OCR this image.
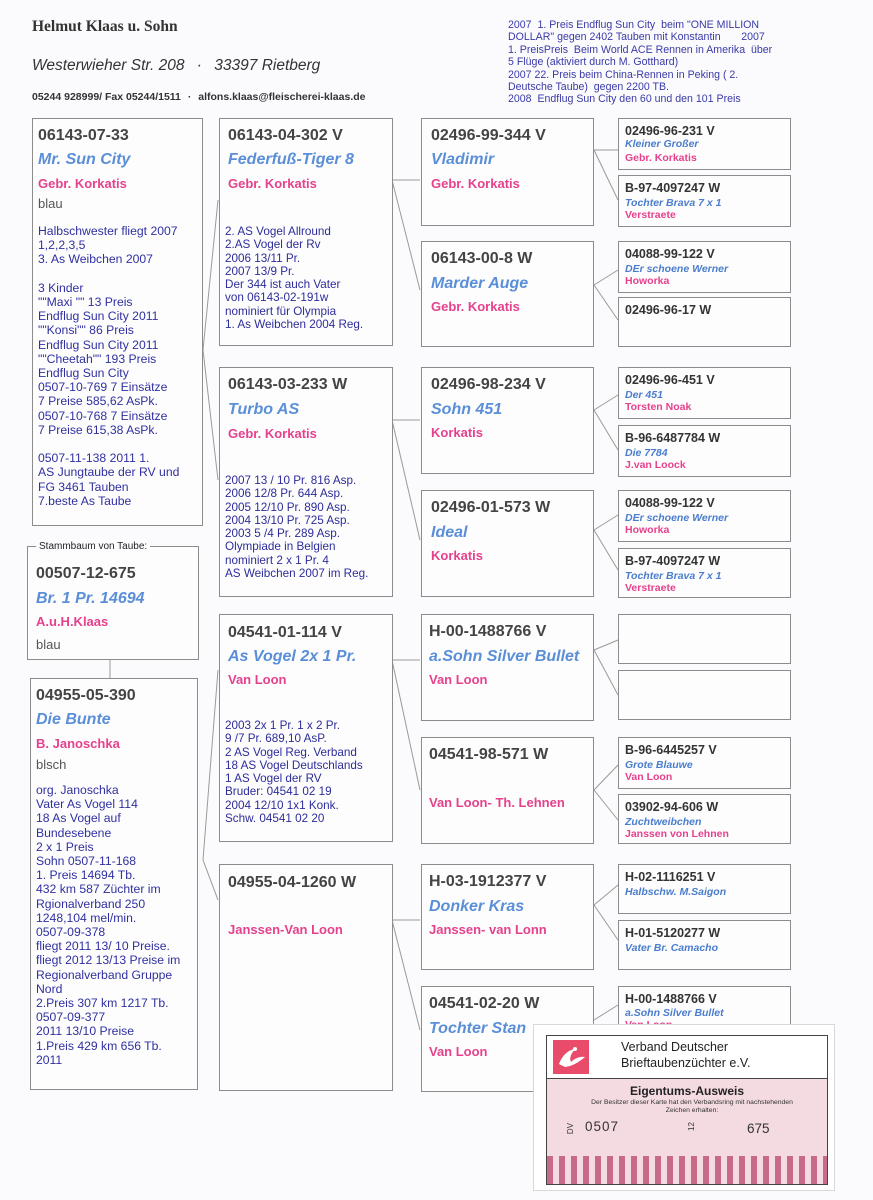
Helmut Klaas u. Sohn
Westerwieher Str. 208 · 33397 Rietberg
05244 928999/ Fax 05244/1511 · alfons.klaas@fleischerei-klaas.de
2007  1. Preis Endflug Sun City  beim "ONE MILLION
DOLLAR" gegen 2402 Tauben mit Konstantin       2007
1. PreisPreis  Beim World ACE Rennen in Amerika  über
5 Flüge (aktiviert durch M. Gotthard)
2007 22. Preis beim China-Rennen in Peking ( 2.
Deutsche Taube)  gegen 2200 TB.
2008  Endflug Sun City den 60 und den 101 Preis
06143-07-33
Mr. Sun City
Gebr. Korkatis
blau
Halbschwester fliegt 2007
1,2,2,3,5
3. As Weibchen 2007

3 Kinder
""Maxi "" 13 Preis
Endflug Sun City 2011
""Konsi"" 86 Preis
Endflug Sun City 2011
""Cheetah"" 193 Preis
Endflug Sun City
0507-10-769 7 Einsätze
7 Preise 585,62 AsPk.
0507-10-768 7 Einsätze
7 Preise 615,38 AsPk.

0507-11-138 2011 1.
AS Jungtaube der RV und
FG 3461 Tauben
7.beste As Taube
Stammbaum von Taube:
00507-12-675
Br. 1 Pr. 14694
A.u.H.Klaas
blau
04955-05-390
Die Bunte
B. Janoschka
blsch
org. Janoschka
Vater As Vogel 114
18 As Vogel auf
Bundesebene
2 x 1 Preis
Sohn 0507-11-168
1. Preis 14694 Tb.
432 km 587 Züchter im
Rgionalverband 250
1248,104 mel/min.
0507-09-378
fliegt 2011 13/ 10 Preise.
fliegt 2012 13/13 Preise im
Regionalverband Gruppe
Nord
2.Preis 307 km 1217 Tb.
0507-09-377
2011 13/10 Preise
1.Preis 429 km 656 Tb.
2011
06143-04-302 V
Federfuß-Tiger 8
Gebr. Korkatis
2. AS Vogel Allround
2.AS Vogel der Rv
2006 13/11 Pr.
2007 13/9 Pr.
Der 344 ist auch Vater
von 06143-02-191w
nominiert für Olympia
1. As Weibchen 2004 Reg.
06143-03-233 W
Turbo AS
Gebr. Korkatis
2007 13 / 10 Pr. 816 Asp.
2006 12/8 Pr. 644 Asp.
2005 12/10 Pr. 890 Asp.
2004 13/10 Pr. 725 Asp.
2003 5 /4 Pr. 289 Asp.
Olympiade in Belgien
nominiert 2 x 1 Pr. 4
AS Weibchen 2007 im Reg.
04541-01-114 V
As Vogel 2x 1 Pr.
Van Loon
2003 2x 1 Pr. 1 x 2 Pr.
9 /7 Pr. 689,10 AsP.
2 AS Vogel Reg. Verband
18 AS Vogel Deutschlands
1 AS Vogel der RV
Bruder: 04541 02 19
2004 12/10 1x1 Konk.
Schw. 04541 02 20
04955-04-1260 W
Janssen-Van Loon
02496-99-344 V
Vladimir
Gebr. Korkatis
06143-00-8 W
Marder Auge
Gebr. Korkatis
02496-98-234 V
Sohn 451
Korkatis
02496-01-573 W
Ideal
Korkatis
H-00-1488766 V
a.Sohn Silver Bullet
Van Loon
04541-98-571 W
Van Loon- Th. Lehnen
H-03-1912377 V
Donker Kras
Janssen- van Lonn
04541-02-20 W
Tochter Stan
Van Loon
02496-96-231 V
Kleiner Großer
Gebr. Korkatis
B-97-4097247 W
Tochter Brava 7 x 1
Verstraete
04088-99-122 V
DEr schoene Werner
Howorka
02496-96-17 W
02496-96-451 V
Der 451
Torsten Noak
B-96-6487784 W
Die 7784
J.van Loock
04088-99-122 V
DEr schoene Werner
Howorka
B-97-4097247 W
Tochter Brava 7 x 1
Verstraete
B-96-6445257 V
Grote Blauwe
Van Loon
03902-94-606 W
Zuchtweibchen
Janssen von Lehnen
H-02-1116251 V
Halbschw. M.Saigon
H-01-5120277 W
Vater Br. Camacho
H-00-1488766 V
a.Sohn Silver Bullet
Verband Deutscher
Brieftaubenzüchter e.V.
Eigentums-Ausweis
Der Besitzer dieser Karte hat den Verbandsring mit nachstehenden Zeichen erhalten:
DV 0507	12	675
